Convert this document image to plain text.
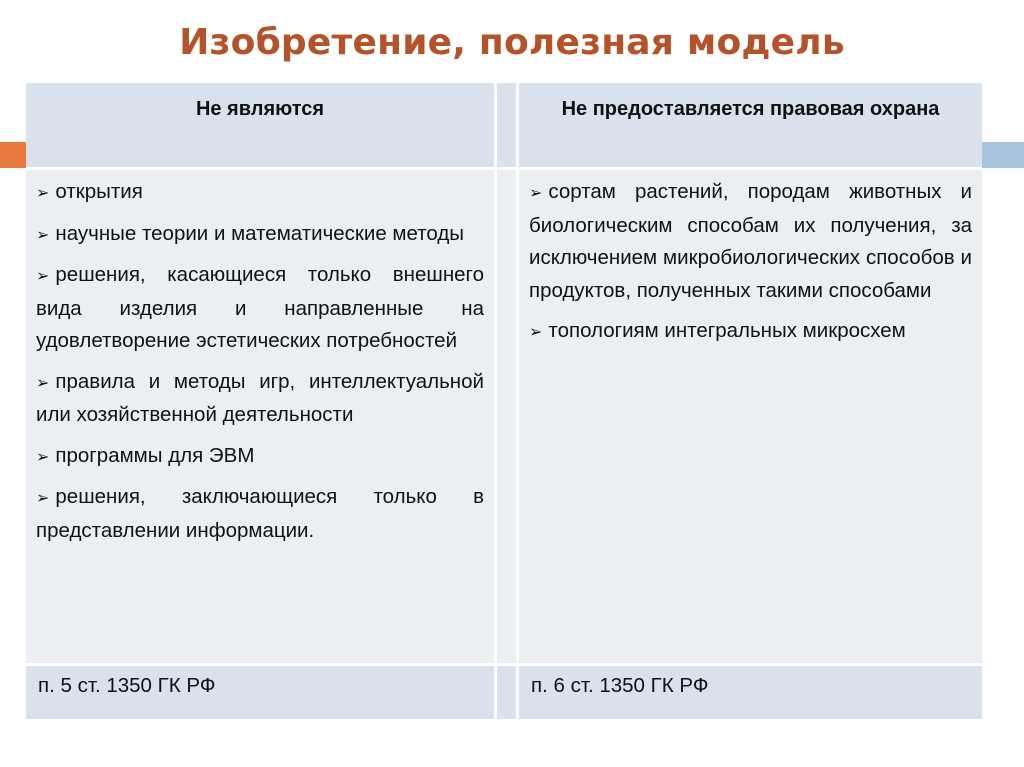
Изобретение, полезная модель
Не являются	Не предоставляется правовая охрана

➢ открытия

➢ научные теории и математические методы

➢ решения, касающиеся только внешнего вида изделия и направленные на удовлетворение эстетических потребностей

➢ правила и методы игр, интеллектуальной или хозяйственной деятельности

➢ программы для ЭВМ

➢ решения, заключающиеся только в представлении информации.

➢ сортам растений, породам животных и биологическим способам их получения, за исключением микробиологических способов и продуктов, полученных такими способами

➢ топологиям интегральных микросхем

п. 5 ст. 1350 ГК РФ	п. 6 ст. 1350 ГК РФ
